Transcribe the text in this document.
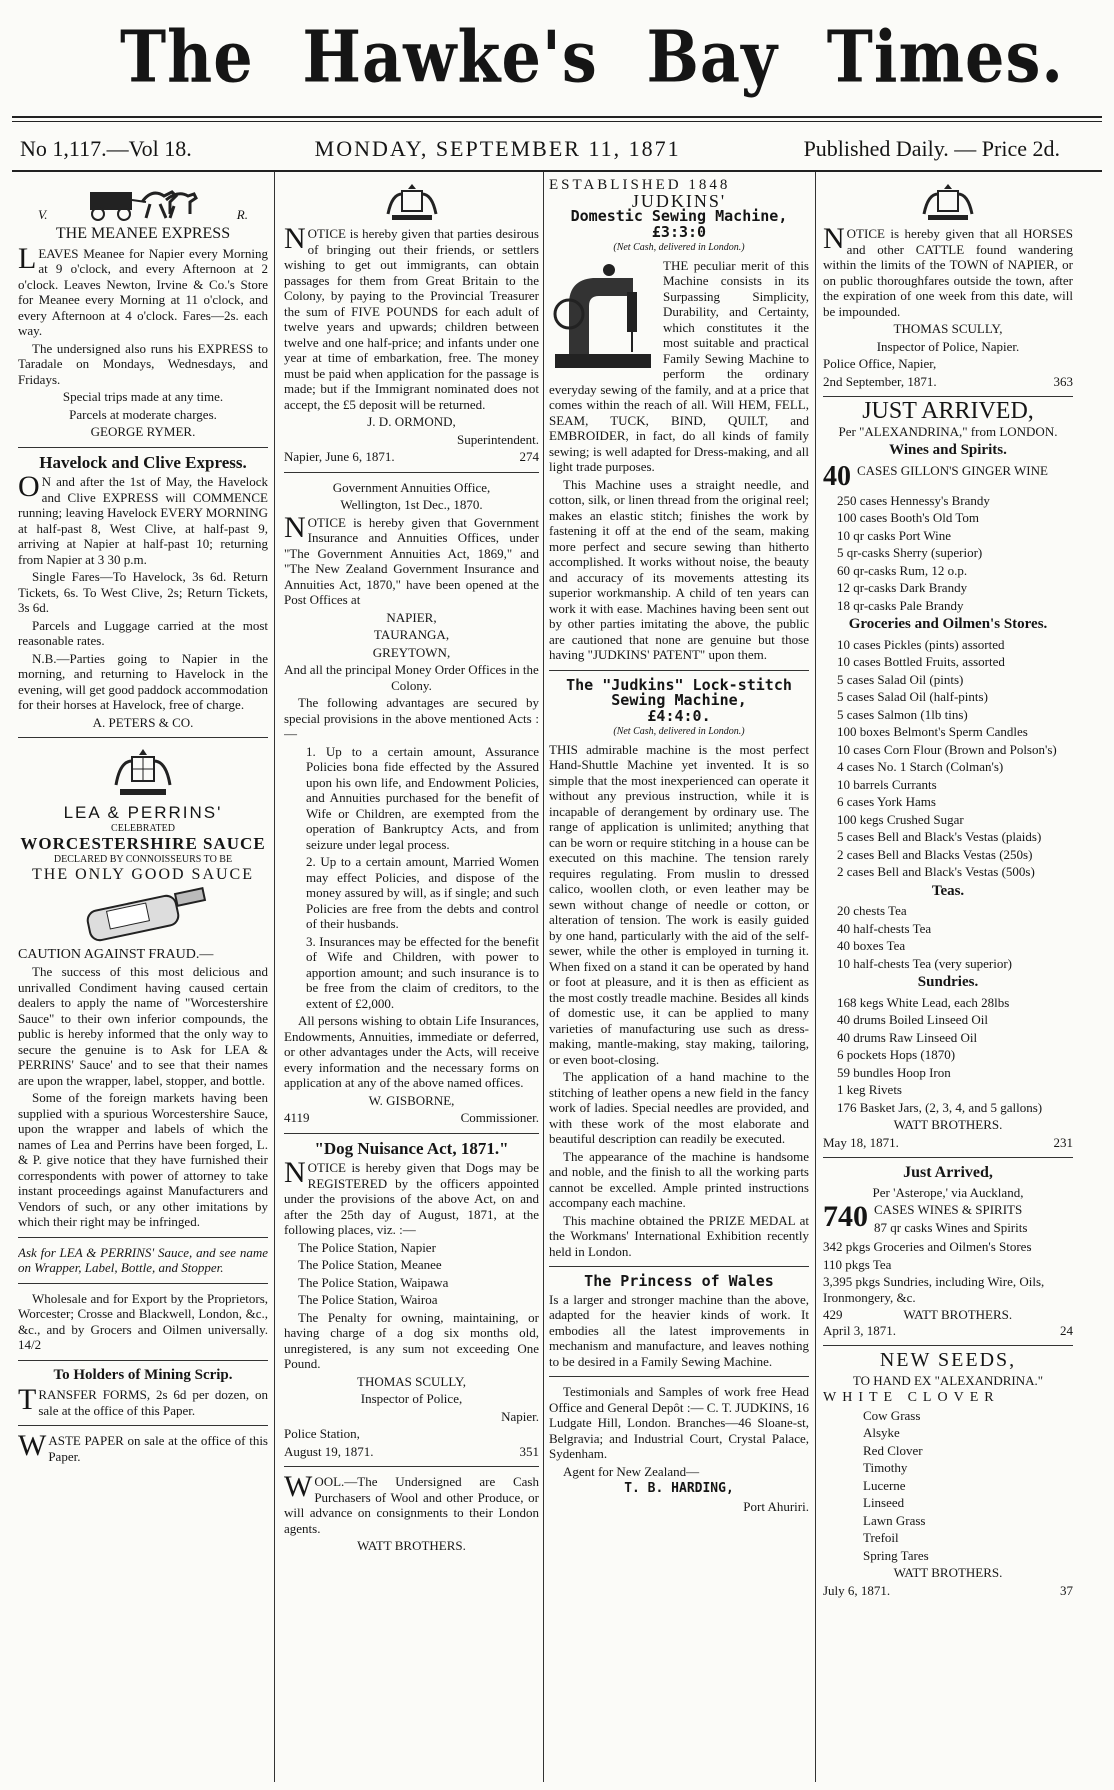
The Hawke's Bay Times.
No 1,117.—Vol 18.	MONDAY, SEPTEMBER 11, 1871	Published Daily. — Price 2d.
V.	R.
THE MEANEE EXPRESS

LEAVES Meanee for Napier every Morning at 9 o'clock, and every Afternoon at 2 o'clock. Leaves Newton, Irvine & Co.'s Store for Meanee every Morning at 11 o'clock, and every Afternoon at 4 o'clock. Fares—2s. each way.

The undersigned also runs his EXPRESS to Taradale on Mondays, Wednesdays, and Fridays.

Special trips made at any time.

Parcels at moderate charges.

GEORGE RYMER.

Havelock and Clive Express.

ON and after the 1st of May, the Havelock and Clive EXPRESS will COMMENCE running; leaving Havelock EVERY MORNING at half-past 8, West Clive, at half-past 9, arriving at Napier at half-past 10; returning from Napier at 3 30 p.m.

Single Fares—To Havelock, 3s 6d. Return Tickets, 6s. To West Clive, 2s; Return Tickets, 3s 6d.

Parcels and Luggage carried at the most reasonable rates.

N.B.—Parties going to Napier in the morning, and returning to Havelock in the evening, will get good paddock accommodation for their horses at Havelock, free of charge.

A. PETERS & CO.

LEA & PERRINS'
CELEBRATED
WORCESTERSHIRE SAUCE
DECLARED BY CONNOISSEURS TO BE
THE ONLY GOOD SAUCE

CAUTION AGAINST FRAUD.—

The success of this most delicious and unrivalled Condiment having caused certain dealers to apply the name of "Worcestershire Sauce" to their own inferior compounds, the public is hereby informed that the only way to secure the genuine is to Ask for LEA & PERRINS' Sauce' and to see that their names are upon the wrapper, label, stopper, and bottle.

Some of the foreign markets having been supplied with a spurious Worcestershire Sauce, upon the wrapper and labels of which the names of Lea and Perrins have been forged, L. & P. give notice that they have furnished their correspondents with power of attorney to take instant proceedings against Manufacturers and Vendors of such, or any other imitations by which their right may be infringed.

Ask for LEA & PERRINS' Sauce, and see name on Wrapper, Label, Bottle, and Stopper.

Wholesale and for Export by the Proprietors, Worcester; Crosse and Blackwell, London, &c., &c., and by Grocers and Oilmen universally. 14/2

To Holders of Mining Scrip.

TRANSFER FORMS, 2s 6d per dozen, on sale at the office of this Paper.

WASTE PAPER on sale at the office of this Paper.

NOTICE is hereby given that parties desirous of bringing out their friends, or settlers wishing to get out immigrants, can obtain passages for them from Great Britain to the Colony, by paying to the Provincial Treasurer the sum of FIVE POUNDS for each adult of twelve years and upwards; children between twelve and one half-price; and infants under one year at time of embarkation, free. The money must be paid when application for the passage is made; but if the Immigrant nominated does not accept, the £5 deposit will be returned.

J. D. ORMOND,

Superintendent.

Napier, June 6, 1871.	274

Government Annuities Office,

Wellington, 1st Dec., 1870.

NOTICE is hereby given that Government Insurance and Annuities Offices, under "The Government Annuities Act, 1869," and "The New Zealand Government Insurance and Annuities Act, 1870," have been opened at the Post Offices at

NAPIER,

TAURANGA,

GREYTOWN,

And all the principal Money Order Offices in the Colony.

The following advantages are secured by special provisions in the above mentioned Acts :—

1. Up to a certain amount, Assurance Policies bona fide effected by the Assured upon his own life, and Endowment Policies, and Annuities purchased for the benefit of Wife or Children, are exempted from the operation of Bankruptcy Acts, and from seizure under legal process.

2. Up to a certain amount, Married Women may effect Policies, and dispose of the money assured by will, as if single; and such Policies are free from the debts and control of their husbands.

3. Insurances may be effected for the benefit of Wife and Children, with power to apportion amount; and such insurance is to be free from the claim of creditors, to the extent of £2,000.

All persons wishing to obtain Life Insurances, Endowments, Annuities, immediate or deferred, or other advantages under the Acts, will receive every information and the necessary forms on application at any of the above named offices.

W. GISBORNE,

4119	Commissioner.
"Dog Nuisance Act, 1871."

NOTICE is hereby given that Dogs may be REGISTERED by the officers appointed under the provisions of the above Act, on and after the 25th day of August, 1871, at the following places, viz. :—

The Police Station, Napier

The Police Station, Meanee

The Police Station, Waipawa

The Police Station, Wairoa

The Penalty for owning, maintaining, or having charge of a dog six months old, unregistered, is any sum not exceeding One Pound.

THOMAS SCULLY,

Inspector of Police,

Napier.

Police Station,

August 19, 1871.	351

WOOL.—The Undersigned are Cash Purchasers of Wool and other Produce, or will advance on consignments to their London agents.

WATT BROTHERS.

ESTABLISHED 1848
JUDKINS'
Domestic Sewing Machine,
£3:3:0
(Net Cash, delivered in London.)

THE peculiar merit of this Machine consists in its Surpassing Simplicity, Durability, and Certainty, which constitutes it the most suitable and practical Family Sewing Machine to perform the ordinary everyday sewing of the family, and at a price that comes within the reach of all. Will HEM, FELL, SEAM, TUCK, BIND, QUILT, and EMBROIDER, in fact, do all kinds of family sewing; is well adapted for Dress-making, and all light trade purposes.

This Machine uses a straight needle, and cotton, silk, or linen thread from the original reel; makes an elastic stitch; finishes the work by fastening it off at the end of the seam, making more perfect and secure sewing than hitherto accomplished. It works without noise, the beauty and accuracy of its movements attesting its superior workmanship. A child of ten years can work it with ease. Machines having been sent out by other parties imitating the above, the public are cautioned that none are genuine but those having "JUDKINS' PATENT" upon them.

The "Judkins" Lock-stitch Sewing Machine,
£4:4:0.
(Net Cash, delivered in London.)

THIS admirable machine is the most perfect Hand-Shuttle Machine yet invented. It is so simple that the most inexperienced can operate it without any previous instruction, while it is incapable of derangement by ordinary use. The range of application is unlimited; anything that can be worn or require stitching in a house can be executed on this machine. The tension rarely requires regulating. From muslin to dressed calico, woollen cloth, or even leather may be sewn without change of needle or cotton, or alteration of tension. The work is easily guided by one hand, particularly with the aid of the self-sewer, while the other is employed in turning it. When fixed on a stand it can be operated by hand or foot at pleasure, and it is then as efficient as the most costly treadle machine. Besides all kinds of domestic use, it can be applied to many varieties of manufacturing use such as dress-making, mantle-making, stay making, tailoring, or even boot-closing.

The application of a hand machine to the stitching of leather opens a new field in the fancy work of ladies. Special needles are provided, and with these work of the most elaborate and beautiful description can readily be executed.

The appearance of the machine is handsome and noble, and the finish to all the working parts cannot be excelled. Ample printed instructions accompany each machine.

This machine obtained the PRIZE MEDAL at the Workmans' International Exhibition recently held in London.

The Princess of Wales

Is a larger and stronger machine than the above, adapted for the heavier kinds of work. It embodies all the latest improvements in mechanism and manufacture, and leaves nothing to be desired in a Family Sewing Machine.

Testimonials and Samples of work free Head Office and General Depôt :— C. T. JUDKINS, 16 Ludgate Hill, London. Branches—46 Sloane-st, Belgravia; and Industrial Court, Crystal Palace, Sydenham.

Agent for New Zealand—

T. B. HARDING,

Port Ahuriri.

NOTICE is hereby given that all HORSES and other CATTLE found wandering within the limits of the TOWN of NAPIER, or on public thoroughfares outside the town, after the expiration of one week from this date, will be impounded.

THOMAS SCULLY,

Inspector of Police, Napier.

Police Office, Napier,

2nd September, 1871.	363
JUST ARRIVED,

Per "ALEXANDRINA," from LONDON.

Wines and Spirits.
40 CASES GILLON'S GINGER WINE

250 cases Hennessy's Brandy

100 cases Booth's Old Tom

10 qr casks Port Wine

5 qr-casks Sherry (superior)

60 qr-casks Rum, 12 o.p.

12 qr-casks Dark Brandy

18 qr-casks Pale Brandy

Groceries and Oilmen's Stores.

10 cases Pickles (pints) assorted

10 cases Bottled Fruits, assorted

5 cases Salad Oil (pints)

5 cases Salad Oil (half-pints)

5 cases Salmon (1lb tins)

100 boxes Belmont's Sperm Candles

10 cases Corn Flour (Brown and Polson's)

4 cases No. 1 Starch (Colman's)

10 barrels Currants

6 cases York Hams

100 kegs Crushed Sugar

5 cases Bell and Black's Vestas (plaids)

2 cases Bell and Blacks Vestas (250s)

2 cases Bell and Black's Vestas (500s)

Teas.

20 chests Tea

40 half-chests Tea

40 boxes Tea

10 half-chests Tea (very superior)

Sundries.

168 kegs White Lead, each 28lbs

40 drums Boiled Linseed Oil

40 drums Raw Linseed Oil

6 pockets Hops (1870)

59 bundles Hoop Iron

1 keg Rivets

176 Basket Jars, (2, 3, 4, and 5 gallons)

WATT BROTHERS.

May 18, 1871.	231
Just Arrived,

Per 'Asterope,' via Auckland,

740 CASES WINES & SPIRITS

87 qr casks Wines and Spirits

342 pkgs Groceries and Oilmen's Stores

110 pkgs Tea

3,395 pkgs Sundries, including Wire, Oils, Ironmongery, &c.

429	WATT BROTHERS.
April 3, 1871.	24
NEW SEEDS,

TO HAND EX "ALEXANDRINA."

WHITE CLOVER

Cow Grass

Alsyke

Red Clover

Timothy

Lucerne

Linseed

Lawn Grass

Trefoil

Spring Tares

WATT BROTHERS.

July 6, 1871.	37
